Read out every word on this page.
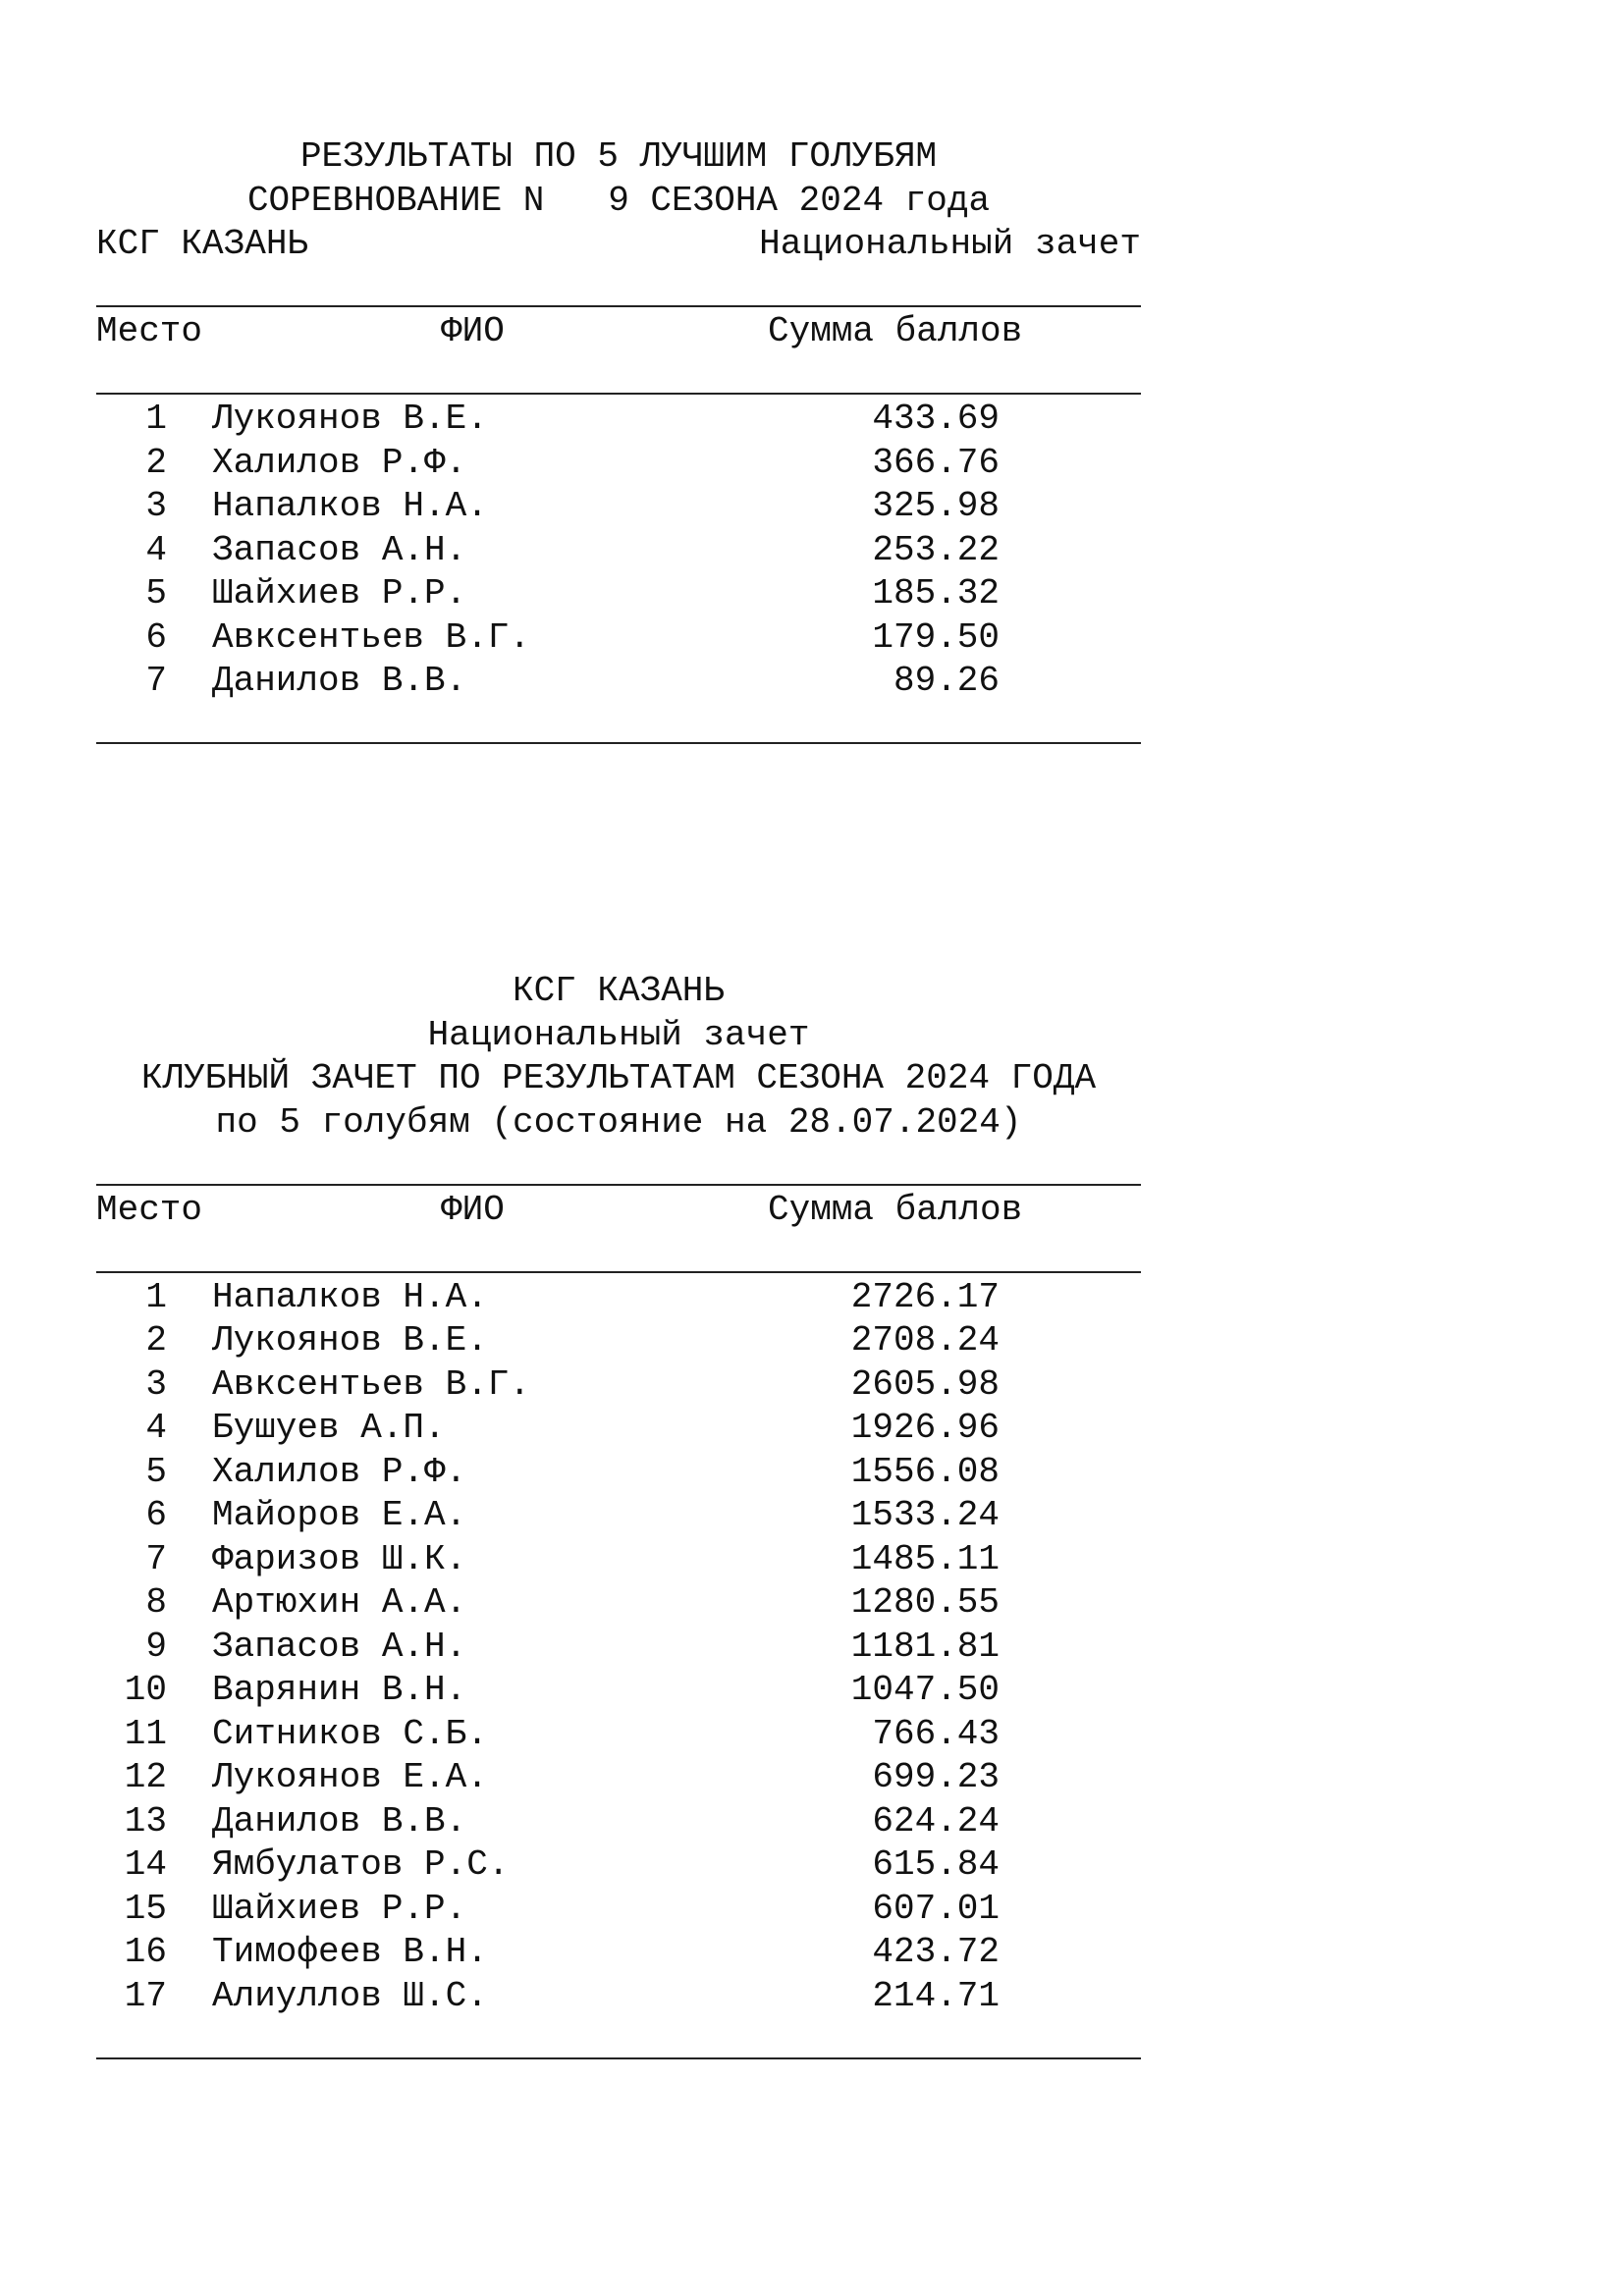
РЕЗУЛЬТАТЫ ПО 5 ЛУЧШИМ ГОЛУБЯМ
СОРЕВНОВАНИЕ N   9 СЕЗОНА 2024 года
КСГ КАЗАНЬ	Национальный зачет
Место	ФИО	Сумма баллов
1 Лукоянов В.Е.	433.69
2 Халилов Р.Ф.	366.76
3 Напалков Н.А.	325.98
4 Запасов А.Н.	253.22
5 Шайхиев Р.Р.	185.32
6 Авксентьев В.Г.	179.50
7 Данилов В.В.	89.26
КСГ КАЗАНЬ
Национальный зачет
КЛУБНЫЙ ЗАЧЕТ ПО РЕЗУЛЬТАТАМ СЕЗОНА 2024 ГОДА
по 5 голубям (состояние на 28.07.2024)
Место	ФИО	Сумма баллов
1 Напалков Н.А.	2726.17
2 Лукоянов В.Е.	2708.24
3 Авксентьев В.Г.	2605.98
4 Бушуев А.П.	1926.96
5 Халилов Р.Ф.	1556.08
6 Майоров Е.А.	1533.24
7 Фаризов Ш.К.	1485.11
8 Артюхин А.А.	1280.55
9 Запасов А.Н.	1181.81
10 Варянин В.Н.	1047.50
11 Ситников С.Б.	766.43
12 Лукоянов Е.А.	699.23
13 Данилов В.В.	624.24
14 Ямбулатов Р.С.	615.84
15 Шайхиев Р.Р.	607.01
16 Тимофеев В.Н.	423.72
17 Алиуллов Ш.С.	214.71
